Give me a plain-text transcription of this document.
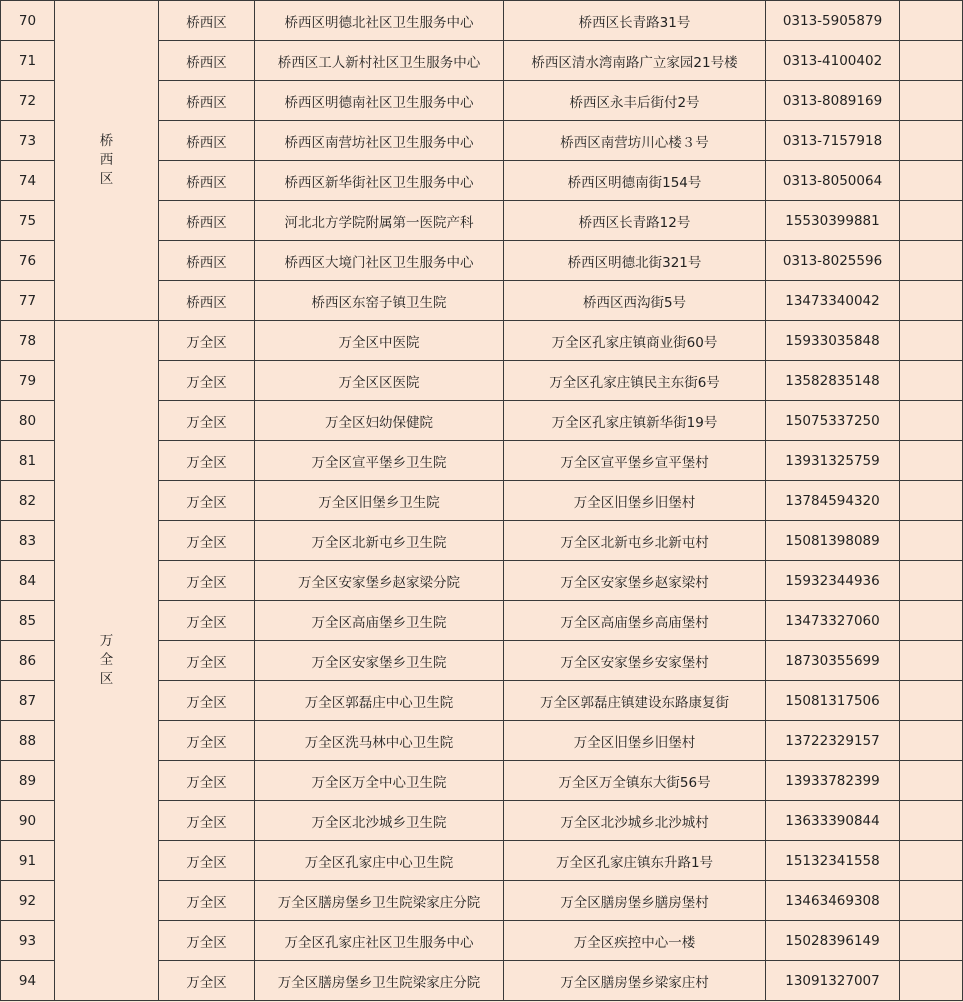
70	桥西区	桥西区	桥西区明德北社区卫生服务中心	桥西区长青路31号	0313-5905879	
71		桥西区	桥西区工人新村社区卫生服务中心	桥西区清水湾南路广立家园21号楼	0313-4100402	
72		桥西区	桥西区明德南社区卫生服务中心	桥西区永丰后街付2号	0313-8089169	
73		桥西区	桥西区南营坊社区卫生服务中心	桥西区南营坊川心楼３号	0313-7157918	
74		桥西区	桥西区新华街社区卫生服务中心	桥西区明德南街154号	0313-8050064	
75		桥西区	河北北方学院附属第一医院产科	桥西区长青路12号	15530399881	
76		桥西区	桥西区大境门社区卫生服务中心	桥西区明德北街321号	0313-8025596	
77		桥西区	桥西区东窑子镇卫生院	桥西区西沟街5号	13473340042	
78	万全区	万全区	万全区中医院	万全区孔家庄镇商业街60号	15933035848	
79		万全区	万全区区医院	万全区孔家庄镇民主东街6号	13582835148	
80		万全区	万全区妇幼保健院	万全区孔家庄镇新华街19号	15075337250	
81		万全区	万全区宣平堡乡卫生院	万全区宣平堡乡宣平堡村	13931325759	
82		万全区	万全区旧堡乡卫生院	万全区旧堡乡旧堡村	13784594320	
83		万全区	万全区北新屯乡卫生院	万全区北新屯乡北新屯村	15081398089	
84		万全区	万全区安家堡乡赵家梁分院	万全区安家堡乡赵家梁村	15932344936	
85		万全区	万全区高庙堡乡卫生院	万全区高庙堡乡高庙堡村	13473327060	
86		万全区	万全区安家堡乡卫生院	万全区安家堡乡安家堡村	18730355699	
87		万全区	万全区郭磊庄中心卫生院	万全区郭磊庄镇建设东路康复街	15081317506	
88		万全区	万全区洗马林中心卫生院	万全区旧堡乡旧堡村	13722329157	
89		万全区	万全区万全中心卫生院	万全区万全镇东大街56号	13933782399	
90		万全区	万全区北沙城乡卫生院	万全区北沙城乡北沙城村	13633390844	
91		万全区	万全区孔家庄中心卫生院	万全区孔家庄镇东升路1号	15132341558	
92		万全区	万全区膳房堡乡卫生院梁家庄分院	万全区膳房堡乡膳房堡村	13463469308	
93		万全区	万全区孔家庄社区卫生服务中心	万全区疾控中心一楼	15028396149	
94		万全区	万全区膳房堡乡卫生院梁家庄分院	万全区膳房堡乡梁家庄村	13091327007	
